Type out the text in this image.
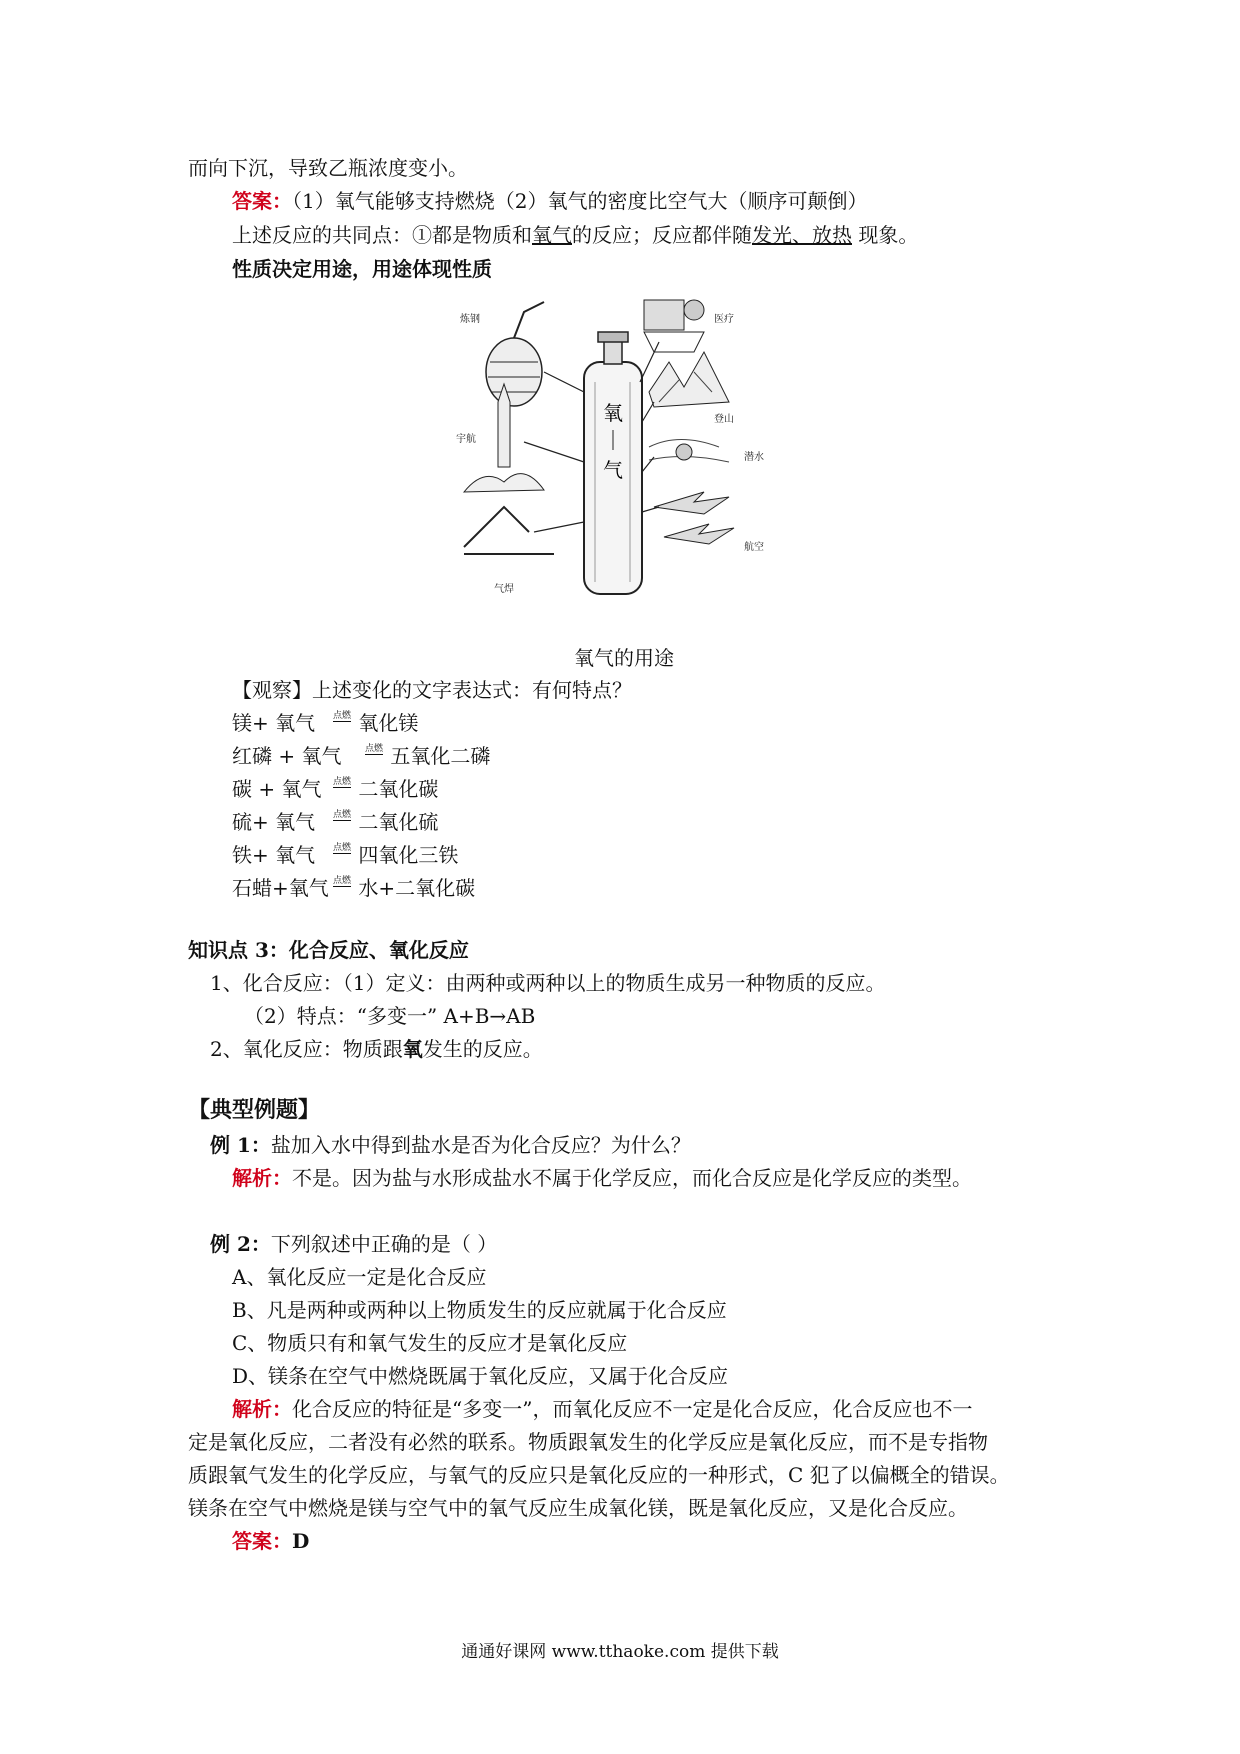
而向下沉，导致乙瓶浓度变小。
答案：（1）氧气能够支持燃烧（2）氧气的密度比空气大（顺序可颠倒）
上述反应的共同点：①都是物质和氧气的反应；反应都伴随发光、放热 现象。
性质决定用途，用途体现性质
氧
气
炼钢	医疗
登山
宇航
潜水
气焊
航空
氧气的用途
【观察】上述变化的文字表达式：有何特点？
镁+ 氧气 $^{点燃}$ 氧化镁
红磷 + 氧气	$^{点燃}$ 五氧化二磷
碳 + 氧气 $^{点燃}$ 二氧化碳
硫+ 氧气 $^{点燃}$ 二氧化硫
铁+ 氧气 $^{点燃}$ 四氧化三铁
石蜡+氧气 $^{点燃}$ 水+二氧化碳
知识点 3：化合反应、氧化反应
1、化合反应：（1）定义：由两种或两种以上的物质生成另一种物质的反应。
（2）特点：“多变一” A+B→AB
2、氧化反应：物质跟氧发生的反应。
【典型例题】
例 1：盐加入水中得到盐水是否为化合反应？为什么？
解析：不是。因为盐与水形成盐水不属于化学反应，而化合反应是化学反应的类型。
例 2：下列叙述中正确的是（ ）
A、氧化反应一定是化合反应
B、凡是两种或两种以上物质发生的反应就属于化合反应
C、物质只有和氧气发生的反应才是氧化反应
D、镁条在空气中燃烧既属于氧化反应，又属于化合反应
解析：化合反应的特征是“多变一”，而氧化反应不一定是化合反应，化合反应也不一
定是氧化反应，二者没有必然的联系。物质跟氧发生的化学反应是氧化反应，而不是专指物
质跟氧气发生的化学反应，与氧气的反应只是氧化反应的一种形式，C 犯了以偏概全的错误。
镁条在空气中燃烧是镁与空气中的氧气反应生成氧化镁，既是氧化反应，又是化合反应。
答案：D
通通好课网 www.tthaoke.com 提供下载
